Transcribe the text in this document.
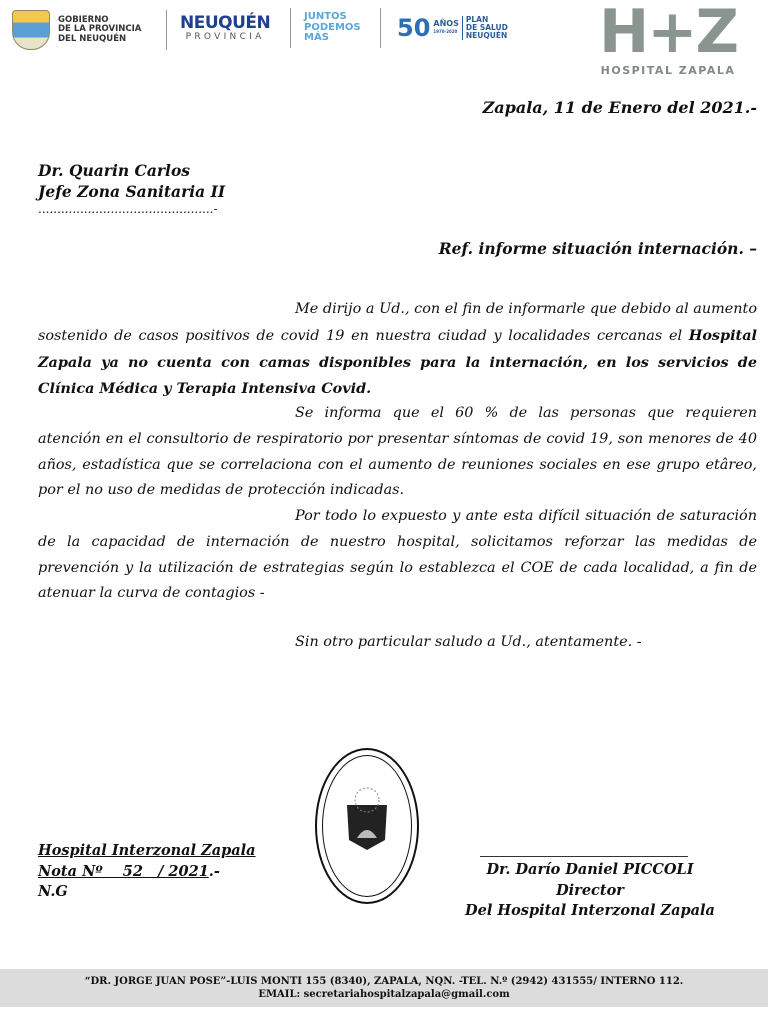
GOBIERNO
DE LA PROVINCIA
DEL NEUQUÉN
NEUQUÉN
PROVINCIA
JUNTOS
PODEMOS
MÁS	50 AÑOS
1970-2020
PLAN
DE SALUD
NEUQUÉN H+Z
HOSPITAL ZAPALA
Zapala, 11 de Enero del 2021.-
Dr. Quarin Carlos
Jefe Zona Sanitaria II
..............................................-
Ref. informe situación internación. –

Me dirijo a Ud., con el fin de informarle que debido al aumento sostenido de casos positivos de covid 19 en nuestra ciudad y localidades cercanas el Hospital Zapala ya no cuenta con camas disponibles para la internación, en los servicios de Clínica Médica y Terapia Intensiva Covid.

Se informa que el 60 % de las personas que requieren atención en el consultorio de respiratorio por presentar síntomas de covid 19, son menores de 40 años, estadística que se correlaciona con el aumento de reuniones sociales en ese grupo etâreo, por el no uso de medidas de protección indicadas.

Por todo lo expuesto y ante esta difícil situación de saturación de la capacidad de internación de nuestro hospital, solicitamos reforzar las medidas de prevención y la utilización de estrategias según lo establezca el COE de cada localidad, a fin de atenuar la curva de contagios -

Sin otro particular saludo a Ud., atentamente. -

Hospital Interzonal Zapala
Nota Nº    52   / 2021.-
N.G
Dr. Darío Daniel PICCOLI
Director
Del Hospital Interzonal Zapala
“DR. JORGE JUAN POSE”-LUIS MONTI 155 (8340), ZAPALA, NQN. -TEL. N.º (2942) 431555/ INTERNO 112.
EMAIL: secretariahospitalzapala@gmail.com
